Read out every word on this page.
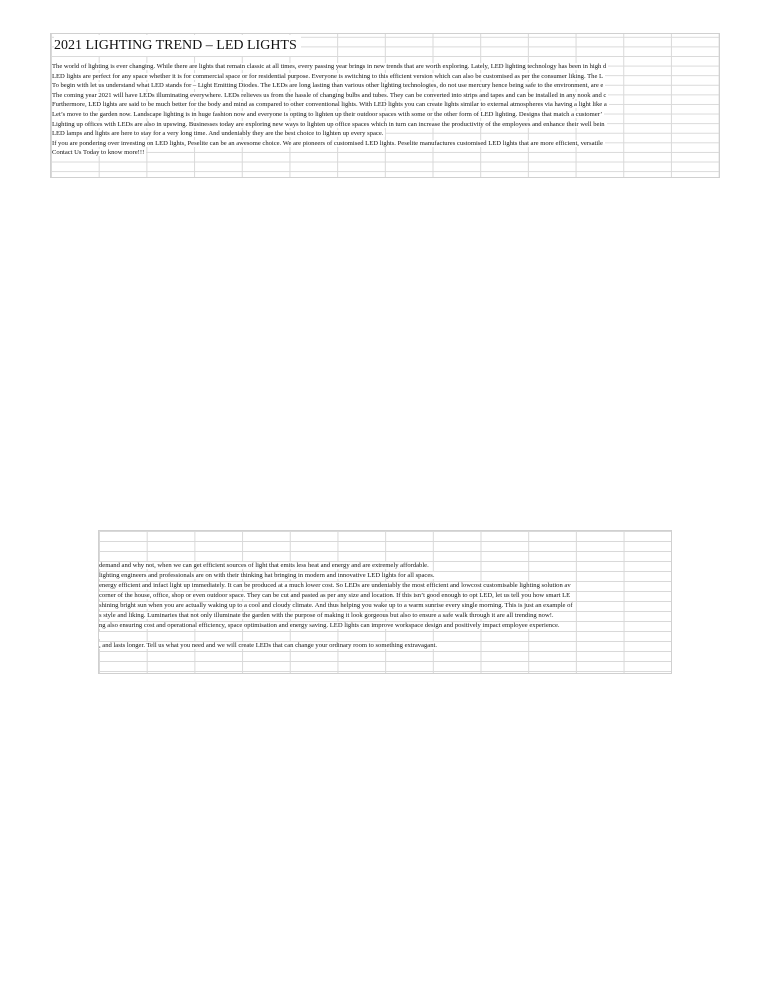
2021 LIGHTING TREND – LED LIGHTS
The world of lighting is ever changing. While there are lights that remain classic at all times, every passing year brings in new trends that are worth exploring. Lately, LED lighting technology has been in high d
LED lights are perfect for any space whether it is for commercial space or for residential purpose. Everyone is switching to this efficient version which can also be customised as per the consumer liking. The L
To begin with let us understand what LED stands for – Light Emitting Diodes. The LEDs are long lasting than various other lighting technologies, do not use mercury hence being safe to the environment, are e
The coming year 2021 will have LEDs illuminating everywhere. LEDs relieves us from the hassle of changing bulbs and tubes. They can be converted into strips and tapes and can be installed in any nook and c
Furthermore, LED lights are said to be much better for the body and mind as compared to other conventional lights. With LED lights you can create lights similar to external atmospheres via having a light like a
Let’s move to the garden now. Landscape lighting is in huge fashion now and everyone is opting to lighten up their outdoor spaces with some or the other form of LED lighting. Designs that match a customer’
Lighting up offices with LEDs are also in upswing. Businesses today are exploring new ways to lighten up office spaces which in turn can increase the productivity of the employees and enhance their well bein
LED lamps and lights are here to stay for a very long time. And undeniably they are the best choice to lighten up every space.
If you are pondering over investing on LED lights, Peselite can be an awesome choice. We are pioneers of customised LED lights. Peselite manufactures customised LED lights that are more efficient, versatile
Contact Us Today to know more!!!
demand and why not, when we can get efficient sources of light that emits less heat and energy and are extremely affordable.
lighting engineers and professionals are on with their thinking hat bringing in modern and innovative LED lights for all spaces.
energy efficient and infact light up immediately. It can be produced at a much lower cost. So LEDs are undeniably the most efficient and lowcost customisable lighting solution av
corner of the house, office, shop or even outdoor space. They can be cut and pasted as per any size and location. If this isn’t good enough to opt LED, let us tell you how smart LE
shining bright sun when you are actually waking up to a cool and cloudy climate. And thus helping you wake up to a warm sunrise every single morning. This is just an example of
s style and liking. Luminaries that not only illuminate the garden with the purpose of making it look gorgeous but also to ensure a safe walk through it are all trending now!.
ng also ensuring cost and operational efficiency, space optimisation and energy saving. LED lights can improve workspace design and positively impact employee experience.
, and lasts longer. Tell us what you need and we will create LEDs that can change your ordinary room to something extravagant.
